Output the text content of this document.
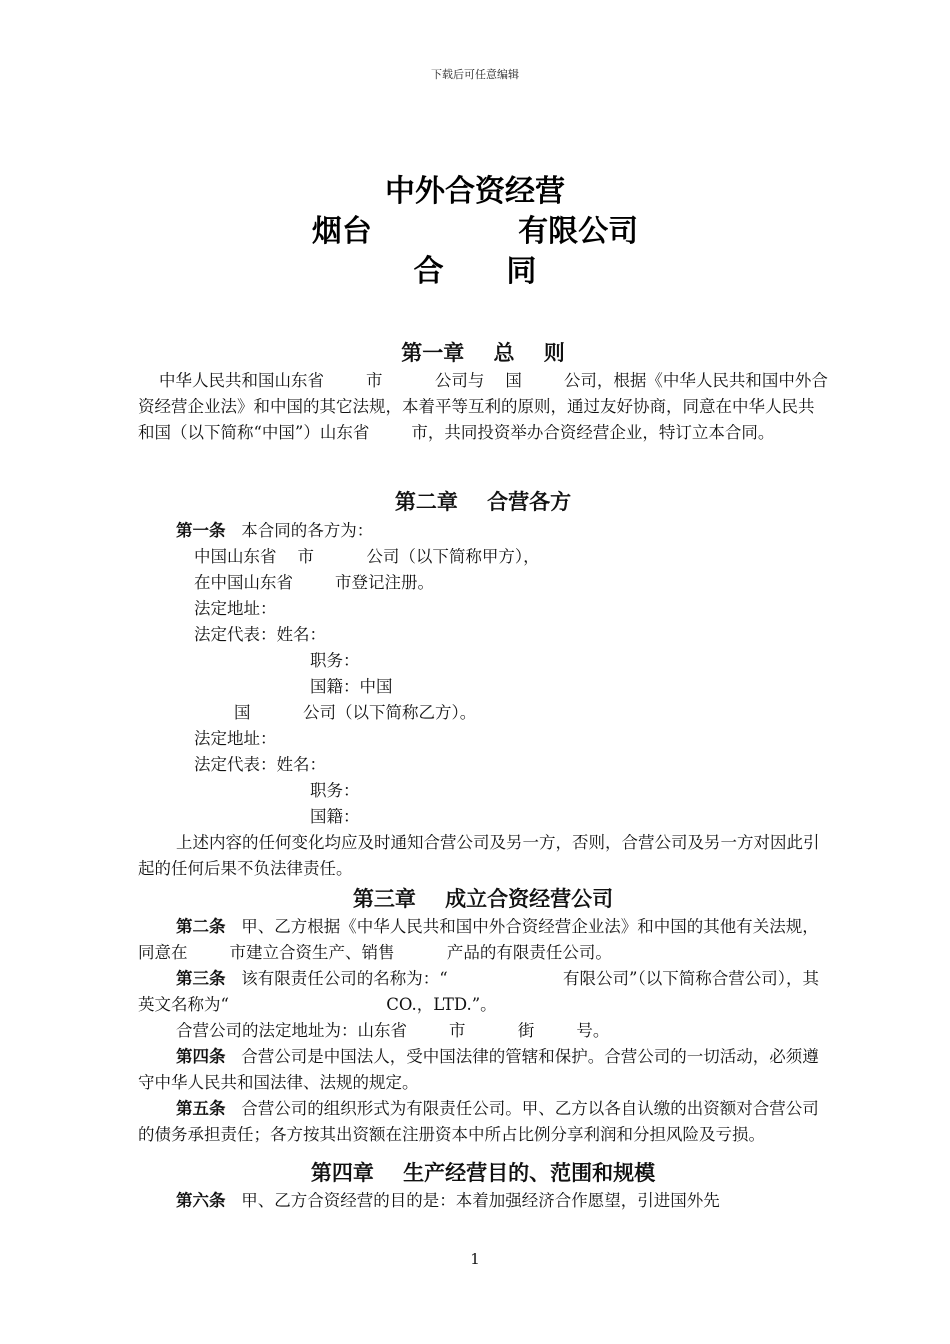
下载后可任意编辑
中外合资经营
烟台              有限公司
合      同

第一章    总    则

中华人民共和国山东省        市          公司与    国        公司，根据《中华人民共和国中外合资经营企业法》和中国的其它法规，本着平等互利的原则，通过友好协商，同意在中华人民共和国（以下简称“中国”）山东省        市，共同投资举办合资经营企业，特订立本合同。

第二章    合营各方

第一条   本合同的各方为：

中国山东省    市          公司（以下简称甲方），

在中国山东省        市登记注册。

法定地址：

法定代表：姓名：

职务：

国籍：中国

国          公司（以下简称乙方）。

法定地址：

法定代表：姓名：

职务：

国籍：

上述内容的任何变化均应及时通知合营公司及另一方，否则，合营公司及另一方对因此引起的任何后果不负法律责任。

第三章    成立合资经营公司

第二条   甲、乙方根据《中华人民共和国中外合资经营企业法》和中国的其他有关法规，同意在        市建立合资生产、销售          产品的有限责任公司。

第三条   该有限责任公司的名称为：“                      有限公司”（以下简称合营公司），其英文名称为“                              CO.，LTD.”。

合营公司的法定地址为：山东省        市          街        号。

第四条   合营公司是中国法人，受中国法律的管辖和保护。合营公司的一切活动，必须遵守中华人民共和国法律、法规的规定。

第五条   合营公司的组织形式为有限责任公司。甲、乙方以各自认缴的出资额对合营公司的债务承担责任；各方按其出资额在注册资本中所占比例分享利润和分担风险及亏损。

第四章    生产经营目的、范围和规模

第六条   甲、乙方合资经营的目的是：本着加强经济合作愿望，引进国外先

1
